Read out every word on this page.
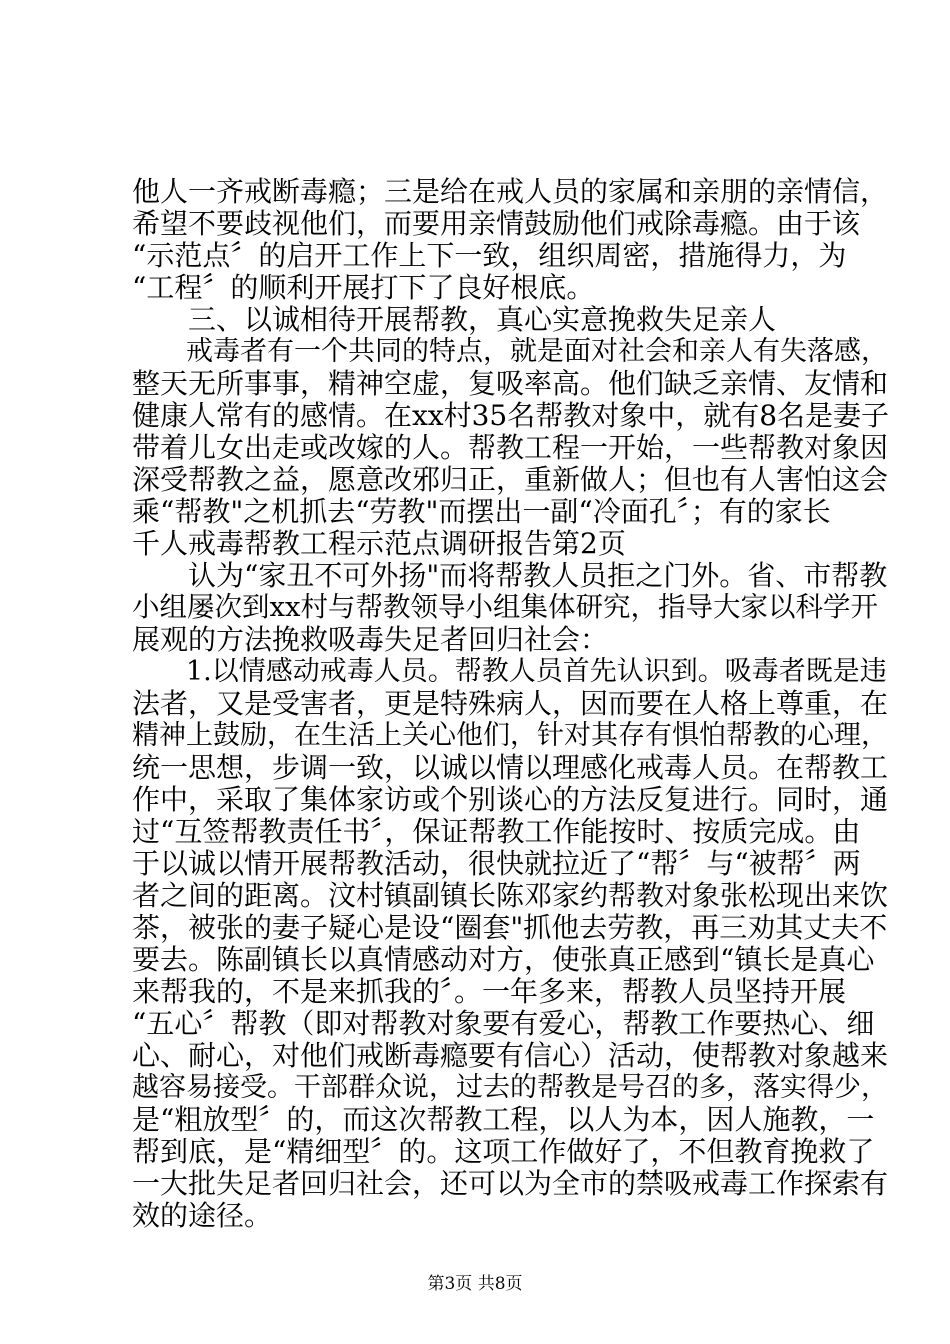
他人一齐戒断毒瘾；三是给在戒人员的家属和亲朋的亲情信，
希望不要歧视他们，而要用亲情鼓励他们戒除毒瘾。由于该
“示范点〞的启开工作上下一致，组织周密，措施得力，为
“工程〞的顺利开展打下了良好根底。
　　三、以诚相待开展帮教，真心实意挽救失足亲人
　　戒毒者有一个共同的特点，就是面对社会和亲人有失落感，
整天无所事事，精神空虚，复吸率高。他们缺乏亲情、友情和
健康人常有的感情。在xx村35名帮教对象中，就有8名是妻子
带着儿女出走或改嫁的人。帮教工程一开始，一些帮教对象因
深受帮教之益，愿意改邪归正，重新做人；但也有人害怕这会
乘“帮教"之机抓去“劳教"而摆出一副“冷面孔〞；有的家长
千人戒毒帮教工程示范点调研报告第2页
　　认为“家丑不可外扬"而将帮教人员拒之门外。省、市帮教
小组屡次到xx村与帮教领导小组集体研究，指导大家以科学开
展观的方法挽救吸毒失足者回归社会：
　　1.以情感动戒毒人员。帮教人员首先认识到。吸毒者既是违
法者，又是受害者，更是特殊病人，因而要在人格上尊重，在
精神上鼓励，在生活上关心他们，针对其存有惧怕帮教的心理，
统一思想，步调一致，以诚以情以理感化戒毒人员。在帮教工
作中，采取了集体家访或个别谈心的方法反复进行。同时，通
过“互签帮教责任书〞，保证帮教工作能按时、按质完成。由
于以诚以情开展帮教活动，很快就拉近了“帮〞与“被帮〞两
者之间的距离。汶村镇副镇长陈邓家约帮教对象张松现出来饮
茶，被张的妻子疑心是设“圈套"抓他去劳教，再三劝其丈夫不
要去。陈副镇长以真情感动对方，使张真正感到“镇长是真心
来帮我的，不是来抓我的〞。一年多来，帮教人员坚持开展
“五心〞帮教（即对帮教对象要有爱心，帮教工作要热心、细
心、耐心，对他们戒断毒瘾要有信心）活动，使帮教对象越来
越容易接受。干部群众说，过去的帮教是号召的多，落实得少，
是“粗放型〞的，而这次帮教工程，以人为本，因人施教，一
帮到底，是“精细型〞的。这项工作做好了，不但教育挽救了
一大批失足者回归社会，还可以为全市的禁吸戒毒工作探索有
效的途径。
第3页 共8页
